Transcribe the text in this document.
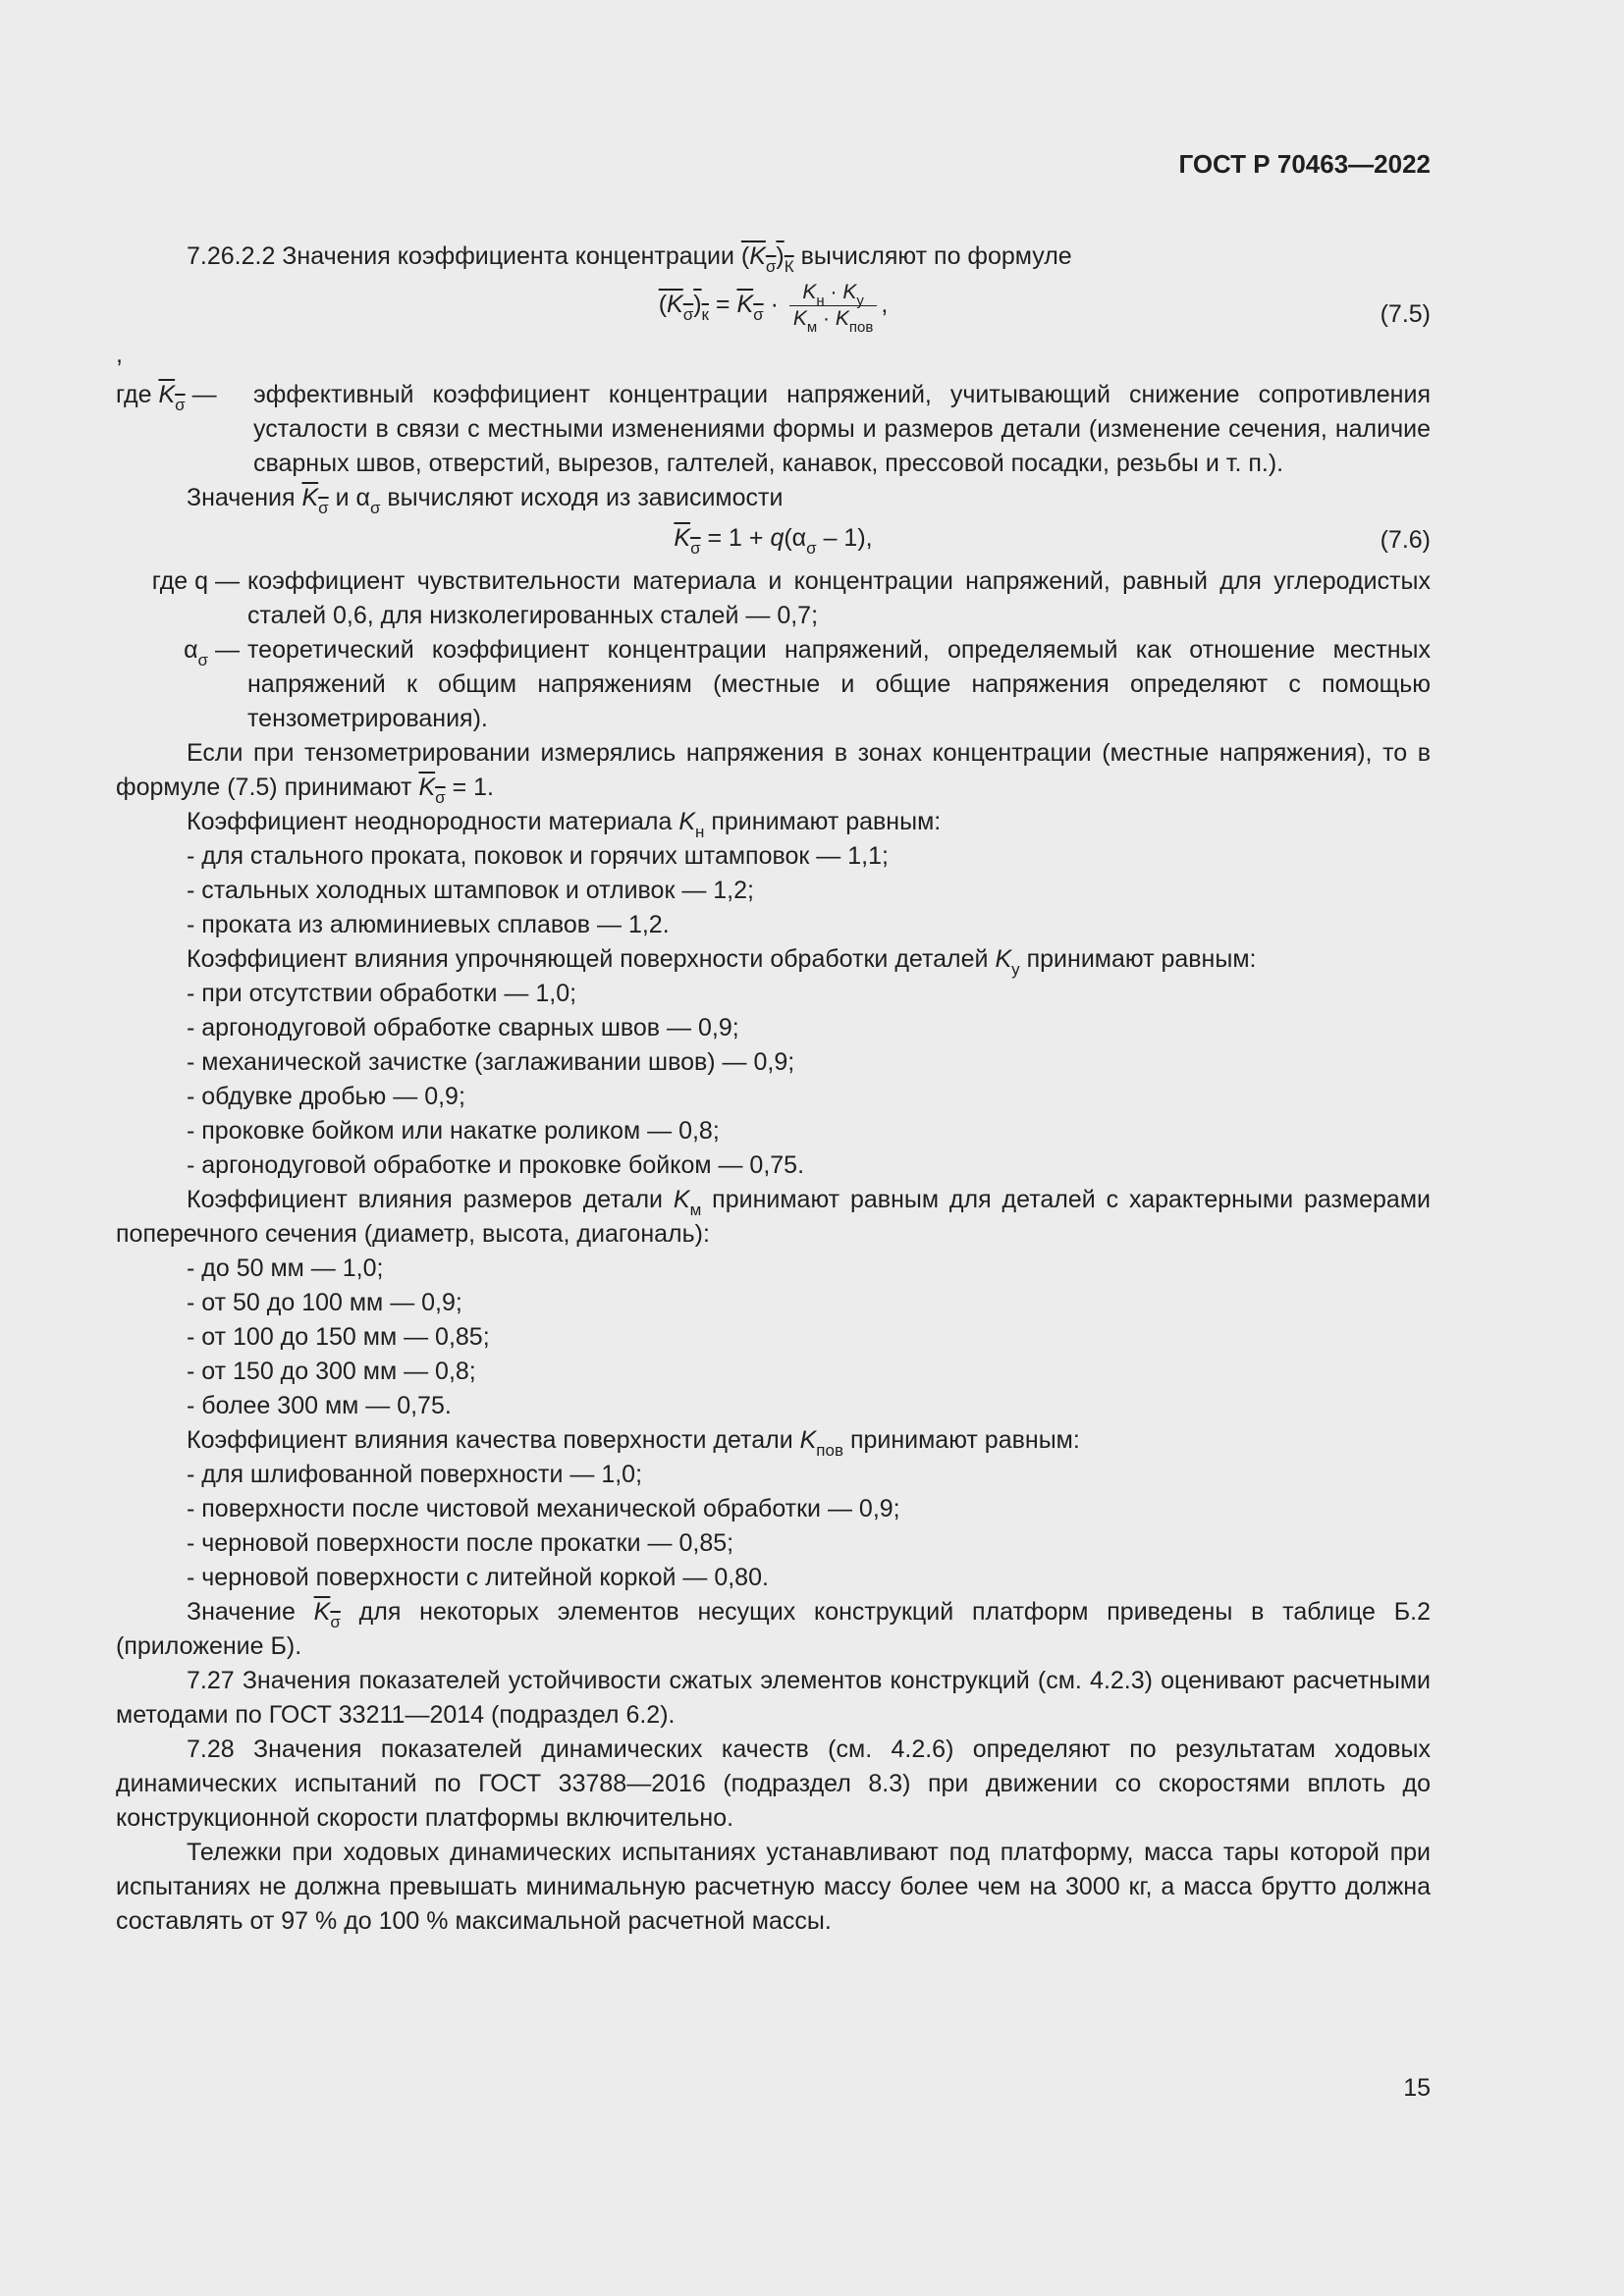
ГОСТ Р 70463—2022

7.26.2.2 Значения коэффициента концентрации $(K_\sigma)_К$ вычисляют по формуле

$(K_\sigma)_к = K_\sigma \cdot \frac{K_н \cdot K_у}{K_м \cdot K_{пов}}$ ,	(7.5)
,
где $K_\sigma$ —	эффективный коэффициент концентрации напряжений, учитывающий снижение сопротивления усталости в связи с местными изменениями формы и размеров детали (изменение сечения, наличие сварных швов, отверстий, вырезов, галтелей, канавок, прессовой посадки, резьбы и т. п.).

Значения $K_\sigma$ и $\alpha_\sigma$ вычисляют исходя из зависимости

$K_\sigma = 1 + q(\alpha_\sigma - 1)$,	(7.6)
где q — коэффициент чувствительности материала и концентрации напряжений, равный для углеродистых сталей 0,6, для низколегированных сталей — 0,7;
$\alpha_\sigma$ — теоретический коэффициент концентрации напряжений, определяемый как отношение местных напряжений к общим напряжениям (местные и общие напряжения определяют с помощью тензометрирования).

Если при тензометрировании измерялись напряжения в зонах концентрации (местные напряжения), то в формуле (7.5) принимают $K_\sigma = 1$.

Коэффициент неоднородности материала $K_н$ принимают равным:

- для стального проката, поковок и горячих штамповок — 1,1;

- стальных холодных штамповок и отливок — 1,2;

- проката из алюминиевых сплавов — 1,2.

Коэффициент влияния упрочняющей поверхности обработки деталей $K_у$ принимают равным:

- при отсутствии обработки — 1,0;

- аргонодуговой обработке сварных швов — 0,9;

- механической зачистке (заглаживании швов) — 0,9;

- обдувке дробью — 0,9;

- проковке бойком или накатке роликом — 0,8;

- аргонодуговой обработке и проковке бойком — 0,75.

Коэффициент влияния размеров детали $K_м$ принимают равным для деталей с характерными размерами поперечного сечения (диаметр, высота, диагональ):

- до 50 мм — 1,0;

- от 50 до 100 мм — 0,9;

- от 100 до 150 мм — 0,85;

- от 150 до 300 мм — 0,8;

- более 300 мм — 0,75.

Коэффициент влияния качества поверхности детали $K_{пов}$ принимают равным:

- для шлифованной поверхности — 1,0;

- поверхности после чистовой механической обработки — 0,9;

- черновой поверхности после прокатки — 0,85;

- черновой поверхности с литейной коркой — 0,80.

Значение $K_\sigma$ для некоторых элементов несущих конструкций платформ приведены в таблице Б.2 (приложение Б).

7.27 Значения показателей устойчивости сжатых элементов конструкций (см. 4.2.3) оценивают расчетными методами по ГОСТ 33211—2014 (подраздел 6.2).

7.28 Значения показателей динамических качеств (см. 4.2.6) определяют по результатам ходовых динамических испытаний по ГОСТ 33788—2016 (подраздел 8.3) при движении со скоростями вплоть до конструкционной скорости платформы включительно.

Тележки при ходовых динамических испытаниях устанавливают под платформу, масса тары которой при испытаниях не должна превышать минимальную расчетную массу более чем на 3000 кг, а масса брутто должна составлять от 97 % до 100 % максимальной расчетной массы.

15
